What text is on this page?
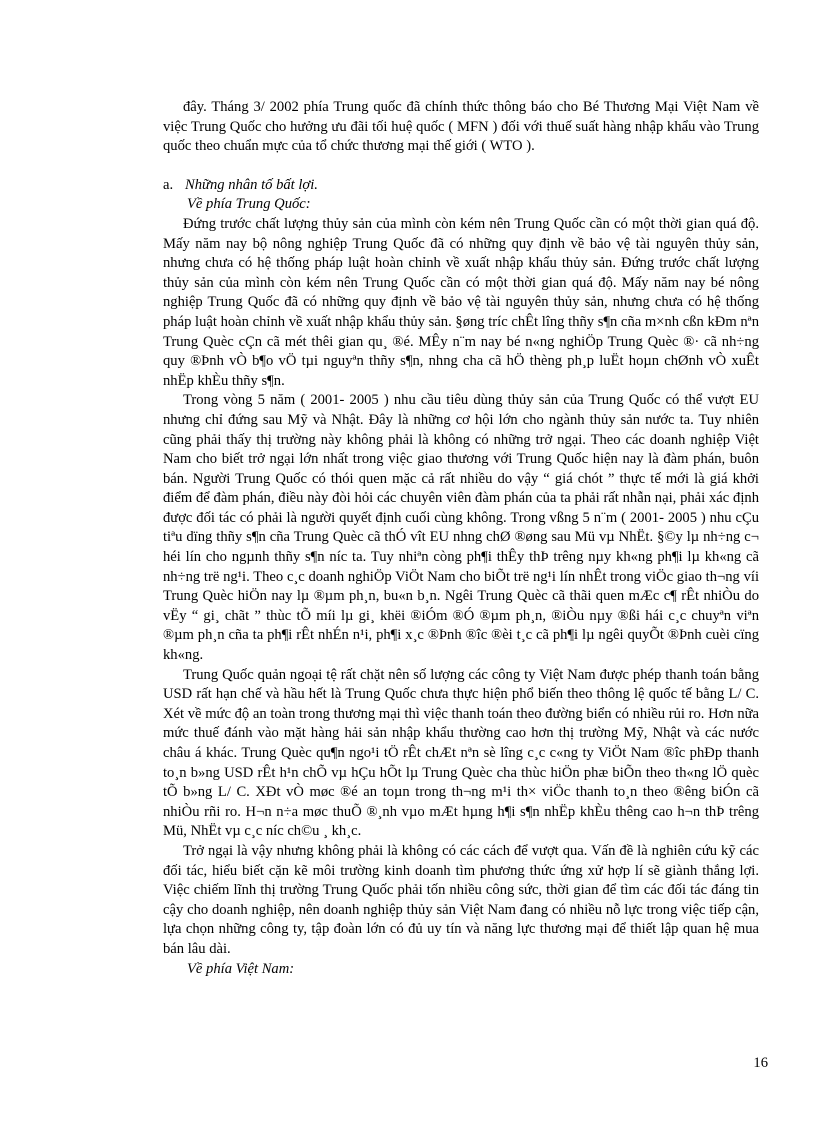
đây. Tháng 3/ 2002 phía Trung quốc đã chính thức thông báo cho Bé Thương Mại Việt Nam về việc Trung Quốc cho hưởng ưu đãi tối huệ quốc ( MFN ) đối với thuế suất hàng nhập khẩu vào Trung quốc theo chuẩn mực của tổ chức thương mại thế giới ( WTO ).

a. Những nhân tố bất lợi.
Về phía Trung Quốc:

Đứng trước chất lượng thủy sản của mình còn kém nên Trung Quốc cần có một thời gian quá độ. Mấy năm nay bộ nông nghiệp Trung Quốc đã có những quy định về bảo vệ tài nguyên thủy sản, nhưng chưa có hệ thống pháp luật hoàn chỉnh về xuất nhập khẩu thủy sản. Đứng trước chất lượng thủy sản của mình còn kém nên Trung Quốc cần có một thời gian quá độ. Mấy năm nay bé nông nghiệp Trung Quốc đã có những quy định về bảo vệ tài nguyên thủy sản, nhưng chưa có hệ thống pháp luật hoàn chỉnh về xuất nhập khẩu thủy sản. §øng tríc chÊt lîng thñy s¶n cña m×nh cßn kÐm nªn Trung Quèc cÇn cã mét thêi gian qu¸ ®é. MÊy n¨m nay bé n«ng nghiÖp Trung Quèc ®· cã nh÷ng quy ®Þnh vÒ b¶o vÖ tµi nguyªn thñy s¶n, nhng cha cã hÖ thèng ph¸p luËt hoµn chØnh vÒ xuÊt nhËp khÈu thñy s¶n.

Trong vòng 5 năm ( 2001- 2005 ) nhu cầu tiêu dùng thủy sản của Trung Quốc có thể vượt EU nhưng chỉ đứng sau Mỹ và Nhật. Đây là những cơ hội lớn cho ngành thủy sản nước ta. Tuy nhiên cũng phải thấy thị trường này không phải là không có những trở ngại. Theo các doanh nghiệp Việt Nam cho biết trở ngại lớn nhất trong việc giao thương với Trung Quốc hiện nay là đàm phán, buôn bán. Người Trung Quốc có thói quen mặc cả rất nhiều do vậy “ giá chót ” thực tế mới là giá khởi điểm để đàm phán, điều này đòi hỏi các chuyên viên đàm phán của ta phải rất nhẫn nại, phải xác định được đối tác có phải là người quyết định cuối cùng không. Trong vßng 5 n¨m ( 2001- 2005 ) nhu cÇu tiªu dïng thñy s¶n cña Trung Quèc cã thÓ vît EU nhng chØ ®øng sau Mü vµ NhËt. §©y lµ nh÷ng c¬ héi lín cho ngµnh thñy s¶n níc ta. Tuy nhiªn còng ph¶i thÊy thÞ trêng nµy kh«ng ph¶i lµ kh«ng cã nh÷ng trë ng¹i. Theo c¸c doanh nghiÖp ViÖt Nam cho biÕt trë ng¹i lín nhÊt trong viÖc giao th¬ng víi Trung Quèc hiÖn nay lµ ®µm ph¸n, bu«n b¸n. Ngêi Trung Quèc cã thãi quen mÆc c¶ rÊt nhiÒu do vËy “ gi¸ chãt ” thùc tÕ míi lµ gi¸ khëi ®iÓm ®Ó ®µm ph¸n, ®iÒu nµy ®ßi hái c¸c chuyªn viªn ®µm ph¸n cña ta ph¶i rÊt nhÉn n¹i, ph¶i x¸c ®Þnh ®îc ®èi t¸c cã ph¶i lµ ngêi quyÕt ®Þnh cuèi cïng kh«ng.

Trung Quốc quản ngoại tệ rất chặt nên số lượng các công ty Việt Nam được phép thanh toán bằng USD rất hạn chế và hầu hết là Trung Quốc chưa thực hiện phổ biến theo thông lệ quốc tế bằng L/ C. Xét về mức độ an toàn trong thương mại thì việc thanh toán theo đường biển có nhiều rủi ro. Hơn nữa mức thuế đánh vào mặt hàng hải sản nhập khẩu thường cao hơn thị trường Mỹ, Nhật và các nước châu á khác. Trung Quèc qu¶n ngo¹i tÖ rÊt chÆt nªn sè lîng c¸c c«ng ty ViÖt Nam ®îc phÐp thanh to¸n b»ng USD rÊt h¹n chÕ vµ hÇu hÕt lµ Trung Quèc cha thùc hiÖn phæ biÕn theo th«ng lÖ quèc tÕ b»ng L/ C. XÐt vÒ møc ®é an toµn trong th¬ng m¹i th× viÖc thanh to¸n theo ®êng biÓn cã nhiÒu rñi ro. H¬n n÷a møc thuÕ ®¸nh vµo mÆt hµng h¶i s¶n nhËp khÈu thêng cao h¬n thÞ trêng Mü, NhËt vµ c¸c níc ch©u ¸ kh¸c.

Trở ngại là vậy nhưng không phải là không có các cách để vượt qua. Vấn đề là nghiên cứu kỹ các đối tác, hiểu biết cặn kẽ môi trường kinh doanh tìm phương thức ứng xử hợp lí sẽ giành thắng lợi. Việc chiếm lĩnh thị trường Trung Quốc phải tốn nhiều công sức, thời gian để tìm các đối tác đáng tin cậy cho doanh nghiệp, nên doanh nghiệp thủy sản Việt Nam đang có nhiều nỗ lực trong việc tiếp cận, lựa chọn những công ty, tập đoàn lớn có đủ uy tín và năng lực thương mại để thiết lập quan hệ mua bán lâu dài.

Về phía Việt Nam:
16
